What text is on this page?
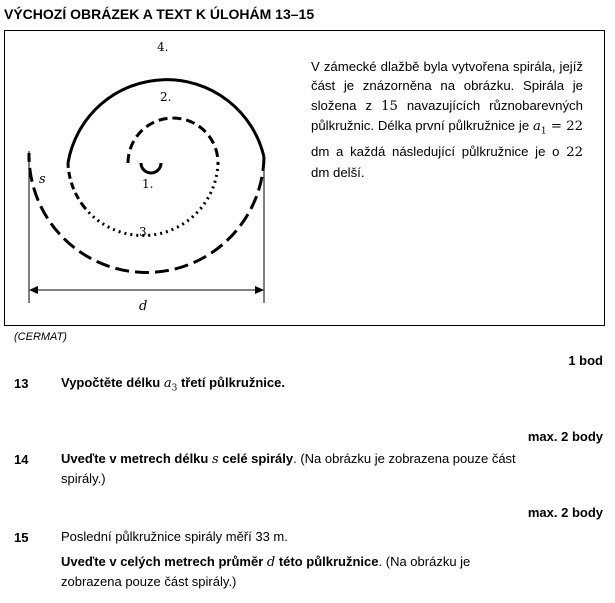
VÝCHOZÍ OBRÁZEK A TEXT K ÚLOHÁM 13–15
1.
2.
3.
4.
s
d
V zámecké dlažbě byla vytvořena spirála, jejíž část je znázorněna na obrázku. Spirála je složena z 15 navazujících různobarevných půlkružnic. Délka první půlkružnice je $a_1 = 22$ dm a každá následující půlkružnice je o 22 dm delší.
(CERMAT)
1 bod
13	Vypočtěte délku $a_3$ třetí půlkružnice.
max. 2 body
14	Uveďte v metrech délku s celé spirály. (Na obrázku je zobrazena pouze část spirály.)
max. 2 body
15	Poslední půlkružnice spirály měří 33 m.
Uveďte v celých metrech průměr d této půlkružnice. (Na obrázku je zobrazena pouze část spirály.)
